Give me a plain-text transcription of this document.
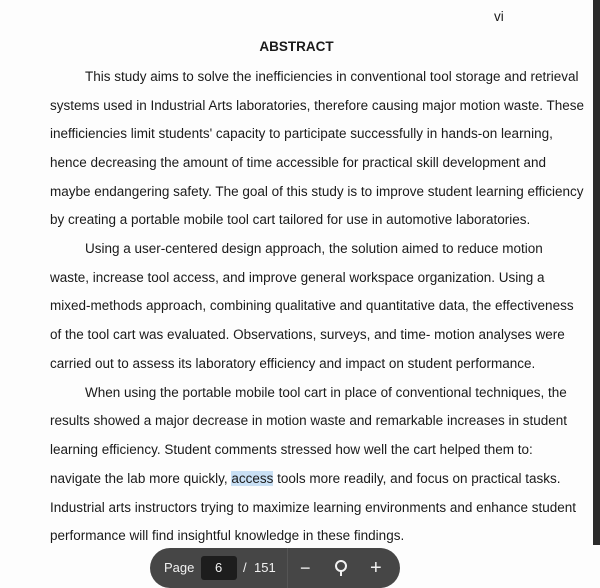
vi
ABSTRACT
This study aims to solve the inefficiencies in conventional tool storage and retrieval
systems used in Industrial Arts laboratories, therefore causing major motion waste. These
inefficiencies limit students' capacity to participate successfully in hands-on learning,
hence decreasing the amount of time accessible for practical skill development and
maybe endangering safety. The goal of this study is to improve student learning efficiency
by creating a portable mobile tool cart tailored for use in automotive laboratories.
Using a user-centered design approach, the solution aimed to reduce motion
waste, increase tool access, and improve general workspace organization. Using a
mixed-methods approach, combining qualitative and quantitative data, the effectiveness
of the tool cart was evaluated. Observations, surveys, and time- motion analyses were
carried out to assess its laboratory efficiency and impact on student performance.
When using the portable mobile tool cart in place of conventional techniques, the
results showed a major decrease in motion waste and remarkable increases in student
learning efficiency. Student comments stressed how well the cart helped them to:
navigate the lab more quickly, access tools more readily, and focus on practical tasks.
Industrial arts instructors trying to maximize learning environments and enhance student
performance will find insightful knowledge in these findings.
Page 6 / 151 −	+
